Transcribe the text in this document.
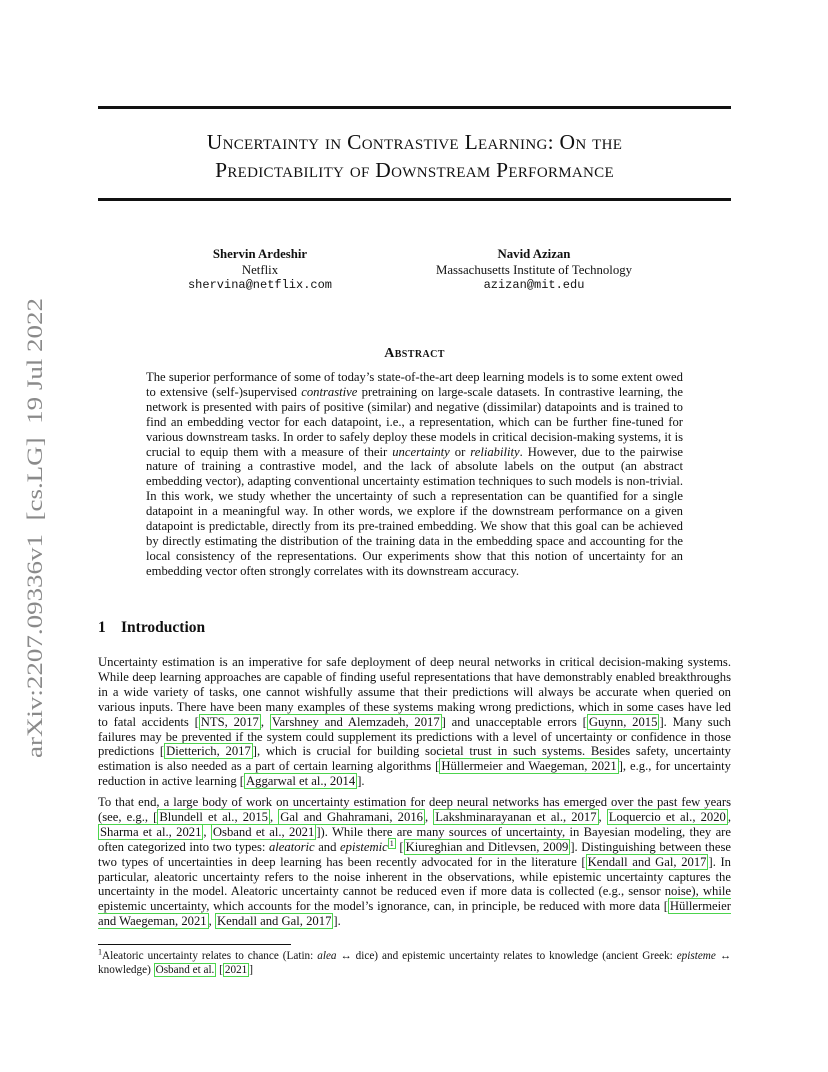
arXiv:2207.09336v1  [cs.LG]  19 Jul 2022
Uncertainty in Contrastive Learning: On the
Predictability of Downstream Performance
Shervin Ardeshir
Netflix
shervina@netflix.com
Navid Azizan
Massachusetts Institute of Technology
azizan@mit.edu
Abstract
The superior performance of some of today’s state-of-the-art deep learning models is to some extent owed to extensive (self-)supervised contrastive pretraining on large-scale datasets. In contrastive learning, the network is presented with pairs of positive (similar) and negative (dissimilar) datapoints and is trained to find an embedding vector for each datapoint, i.e., a representation, which can be further fine-tuned for various downstream tasks. In order to safely deploy these models in critical decision-making systems, it is crucial to equip them with a measure of their uncertainty or reliability. However, due to the pairwise nature of training a contrastive model, and the lack of absolute labels on the output (an abstract embedding vector), adapting conventional uncertainty estimation techniques to such models is non-trivial. In this work, we study whether the uncertainty of such a representation can be quantified for a single datapoint in a meaningful way. In other words, we explore if the downstream performance on a given datapoint is predictable, directly from its pre-trained embedding. We show that this goal can be achieved by directly estimating the distribution of the training data in the embedding space and accounting for the local consistency of the representations. Our experiments show that this notion of uncertainty for an embedding vector often strongly correlates with its downstream accuracy.
1 Introduction
Uncertainty estimation is an imperative for safe deployment of deep neural networks in critical decision-making systems. While deep learning approaches are capable of finding useful representations that have demonstrably enabled breakthroughs in a wide variety of tasks, one cannot wishfully assume that their predictions will always be accurate when queried on various inputs. There have been many examples of these systems making wrong predictions, which in some cases have led to fatal accidents [ NTS, 2017 , Varshney and Alemzadeh, 2017 ] and unacceptable errors [ Guynn, 2015 ]. Many such failures may be prevented if the system could supplement its predictions with a level of uncertainty or confidence in those predictions [ Dietterich, 2017 ], which is crucial for building societal trust in such systems. Besides safety, uncertainty estimation is also needed as a part of certain learning algorithms [ Hüllermeier and Waegeman, 2021 ], e.g., for uncertainty reduction in active learning [ Aggarwal et al., 2014 ].
To that end, a large body of work on uncertainty estimation for deep neural networks has emerged over the past few years (see, e.g., [ Blundell et al., 2015 , Gal and Ghahramani, 2016 , Lakshminarayanan et al., 2017 , Loquercio et al., 2020 , Sharma et al., 2021 , Osband et al., 2021 ]). While there are many sources of uncertainty, in Bayesian modeling, they are often categorized into two types: aleatoric and epistemic $^1$ [ Kiureghian and Ditlevsen, 2009 ]. Distinguishing between these two types of uncertainties in deep learning has been recently advocated for in the literature [ Kendall and Gal, 2017 ]. In particular, aleatoric uncertainty refers to the noise inherent in the observations, while epistemic uncertainty captures the uncertainty in the model. Aleatoric uncertainty cannot be reduced even if more data is collected (e.g., sensor noise), while epistemic uncertainty, which accounts for the model’s ignorance, can, in principle, be reduced with more data [ Hüllermeier and Waegeman, 2021 , Kendall and Gal, 2017 ].
$^1$Aleatoric uncertainty relates to chance (Latin: alea ↔ dice) and epistemic uncertainty relates to knowledge (ancient Greek: episteme ↔ knowledge) Osband et al. [ 2021 ]
